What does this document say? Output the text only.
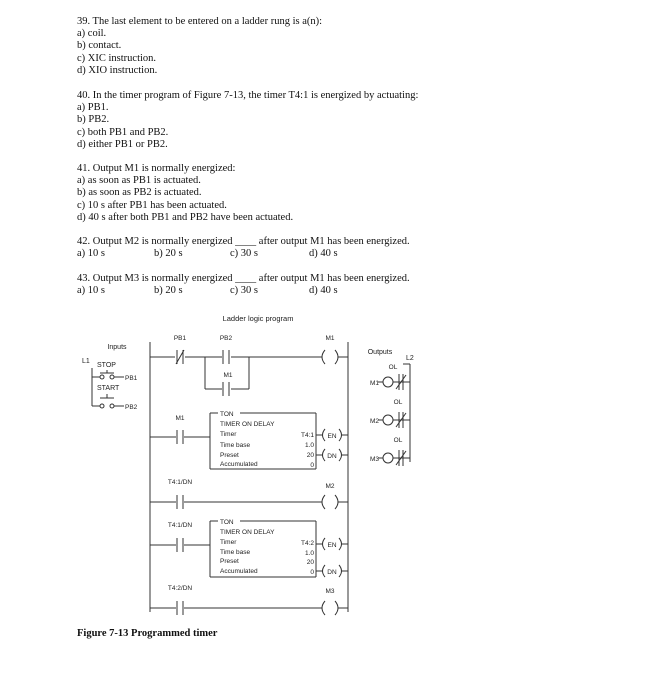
39. The last element to be entered on a ladder rung is a(n):
a) coil.
b) contact.
c) XIC instruction.
d) XIO instruction.
40. In the timer program of Figure 7-13, the timer T4:1 is energized by actuating:
a) PB1.
b) PB2.
c) both PB1 and PB2.
d) either PB1 or PB2.
41. Output M1 is normally energized:
a) as soon as PB1 is actuated.
b) as soon as PB2 is actuated.
c) 10 s after PB1 has been actuated.
d) 40 s after both PB1 and PB2 have been actuated.
42. Output M2 is normally energized ____ after output M1 has been energized.
a) 10 s	b) 20 s	c) 30 s	d) 40 s
43. Output M3 is normally energized ____ after output M1 has been energized.
a) 10 s	b) 20 s	c) 30 s	d) 40 s
Ladder logic program
Inputs
L1
STOP
PB1
START
PB2
Outputs
L2
OL
M1
OL
M2
OL
M3
PB1	PB2
M1
M1
M1
TON
TIMER ON DELAY
Timer	T4:1
Time base	1.0
Preset	20
Accumulated	0
EN
DN
T4:1/DN
M2
T4:1/DN	TON
TIMER ON DELAY
Timer	T4:2
Time base	1.0
Preset	20
Accumulated	0
EN
DN
T4:2/DN	M3
Figure 7-13 Programmed timer
